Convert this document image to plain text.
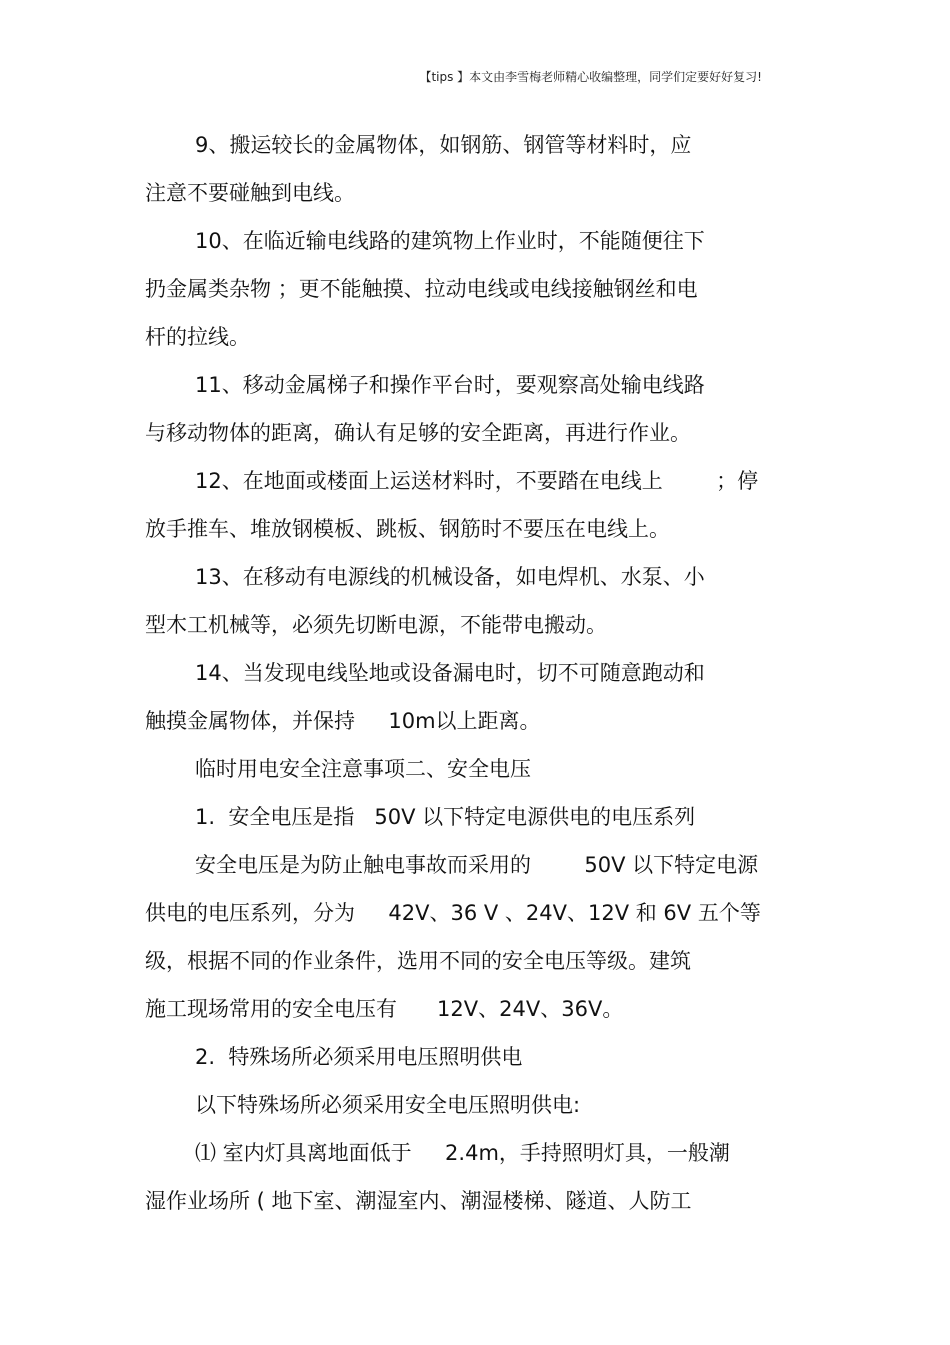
【tips 】本文由李雪梅老师精心收编整理，同学们定要好好复习!
9、搬运较长的金属物体，如钢筋、钢管等材料时，应
注意不要碰触到电线。
10、在临近输电线路的建筑物上作业时，不能随便往下
扔金属类杂物 ；更不能触摸、拉动电线或电线接触钢丝和电
杆的拉线。
11、移动金属梯子和操作平台时，要观察高处输电线路
与移动物体的距离，确认有足够的安全距离，再进行作业。
12、在地面或楼面上运送材料时，不要踏在电线上        ；停
放手推车、堆放钢模板、跳板、钢筋时不要压在电线上。
13、在移动有电源线的机械设备，如电焊机、水泵、小
型木工机械等，必须先切断电源，不能带电搬动。
14、当发现电线坠地或设备漏电时，切不可随意跑动和
触摸金属物体，并保持     10m以上距离。
临时用电安全注意事项二、安全电压
1.  安全电压是指   50V 以下特定电源供电的电压系列
安全电压是为防止触电事故而采用的        50V 以下特定电源
供电的电压系列，分为     42V、36 V 、24V、12V 和 6V 五个等
级，根据不同的作业条件，选用不同的安全电压等级。建筑
施工现场常用的安全电压有      12V、24V、36V。
2.  特殊场所必须采用电压照明供电
以下特殊场所必须采用安全电压照明供电:
⑴ 室内灯具离地面低于     2.4m，手持照明灯具，一般潮
湿作业场所 ( 地下室、潮湿室内、潮湿楼梯、隧道、人防工
